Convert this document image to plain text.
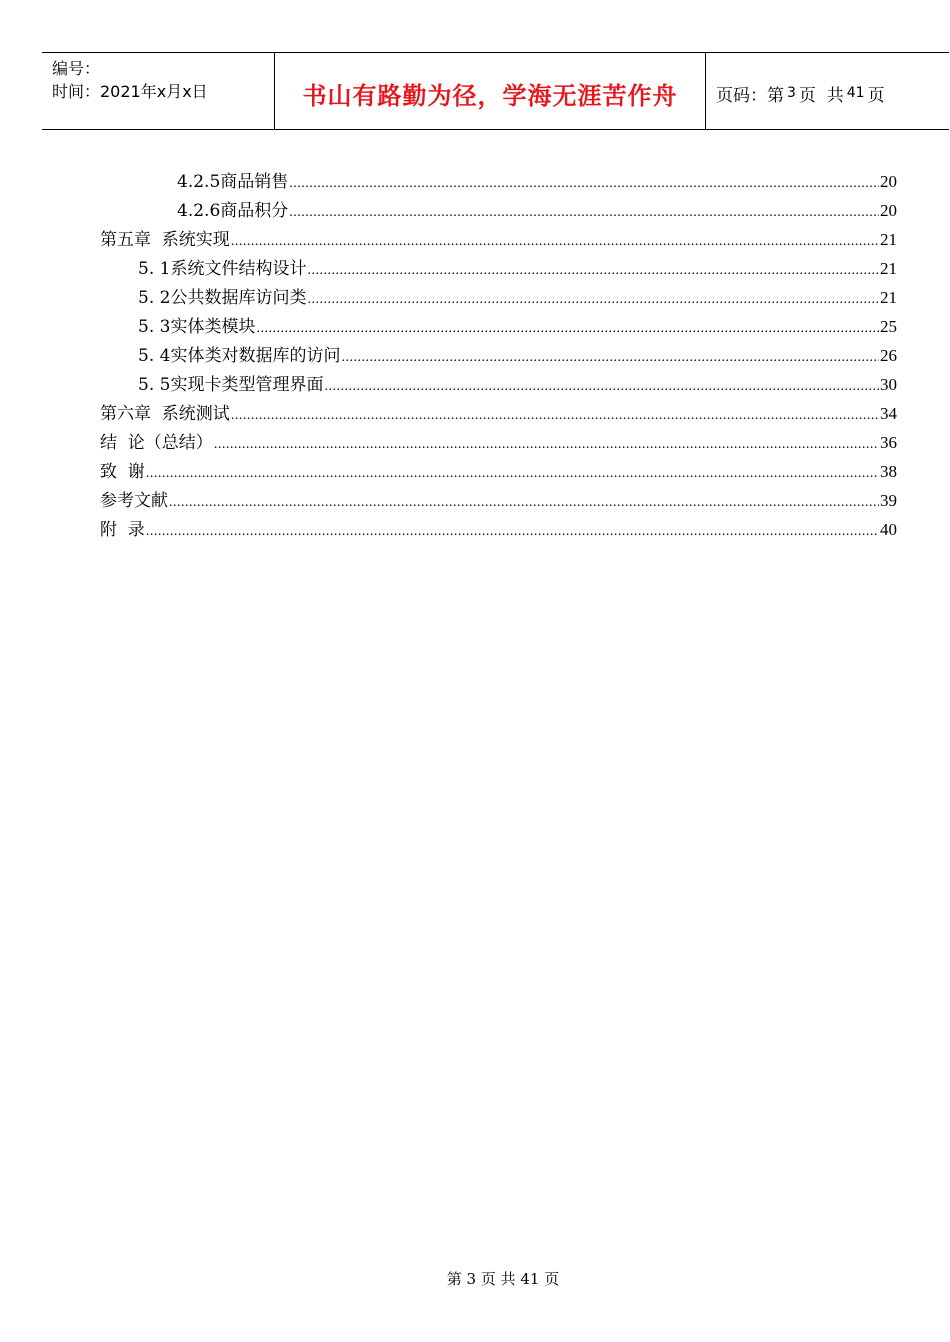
编号：
时间：2021年x月x日	书山有路勤为径，学海无涯苦作舟 页码：第 3 页  共 41 页
4.2.5商品销售 .....	20
4.2.6商品积分 .....	20
第五章  系统实现 .....	21
5. 1系统文件结构设计 .....	21
5. 2公共数据库访问类 .....	21
5. 3实体类模块 .....	25
5. 4实体类对数据库的访问 .....	26
5. 5实现卡类型管理界面 .....	30
第六章  系统测试 .....	34
结  论（总结） .....	36
致  谢 .....	38
参考文献 .....	39
附  录 .....	40
第 3 页 共 41 页
